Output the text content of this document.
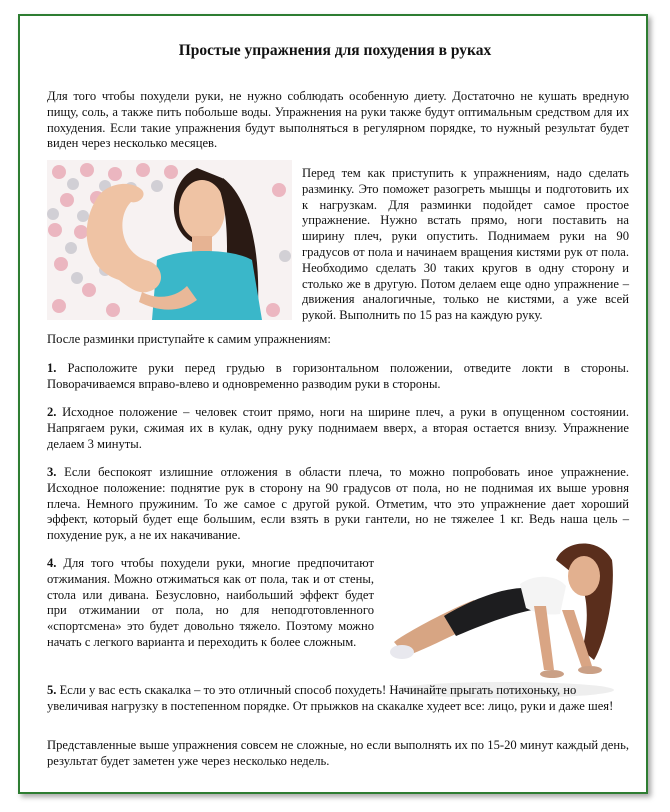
Простые упражнения для похудения в руках

Для того чтобы похудели руки, не нужно соблюдать особенную диету. Достаточно не кушать вредную пищу, соль, а также пить побольше воды. Упражнения на руки также будут оптимальным средством для их похудения. Если такие упражнения будут выполняться в регулярном порядке, то нужный результат будет виден через несколько месяцев.

Перед тем как приступить к упражнениям, надо сделать разминку. Это поможет разогреть мышцы и подготовить их к нагрузкам. Для разминки подойдет самое простое упражнение. Нужно встать прямо, ноги поставить на ширину плеч, руки опустить. Поднимаем руки на 90 градусов от пола и начинаем вращения кистями рук от пола. Необходимо сделать 30 таких кругов в одну сторону и столько же в другую. Потом делаем еще одно упражнение – движения аналогичные, только не кистями, а уже всей рукой. Выполнить по 15 раз на каждую руку.

После разминки приступайте к самим упражнениям:

1. Расположите руки перед грудью в горизонтальном положении, отведите локти в стороны. Поворачиваемся вправо-влево и одновременно разводим руки в стороны.

2. Исходное положение – человек стоит прямо, ноги на ширине плеч, а руки в опущенном состоянии. Напрягаем руки, сжимая их в кулак, одну руку поднимаем вверх, а вторая остается внизу. Упражнение делаем 3 минуты.

3. Если беспокоят излишние отложения в области плеча, то можно попробовать иное упражнение. Исходное положение: поднятие рук в сторону на 90 градусов от пола, но не поднимая их выше уровня плеча. Немного пружиним. То же самое с другой рукой. Отметим, что это упражнение дает хороший эффект, который будет еще большим, если взять в руки гантели, но не тяжелее 1 кг. Ведь наша цель – похудение рук, а не их накачивание.

4. Для того чтобы похудели руки, многие предпочитают отжимания. Можно отжиматься как от пола, так и от стены, стола или дивана. Безусловно, наибольший эффект будет при отжимании от пола, но для неподготовленного «спортсмена» это будет довольно тяжело. Поэтому можно начать с легкого варианта и переходить к более сложным.

5. Если у вас есть скакалка – то это отличный способ похудеть! Начинайте прыгать потихоньку, но увеличивая нагрузку в постепенном порядке. От прыжков на скакалке худеет все: лицо, руки и даже шея!

Представленные выше упражнения совсем не сложные, но если выполнять их по 15-20 минут каждый день, результат будет заметен уже через несколько недель.
